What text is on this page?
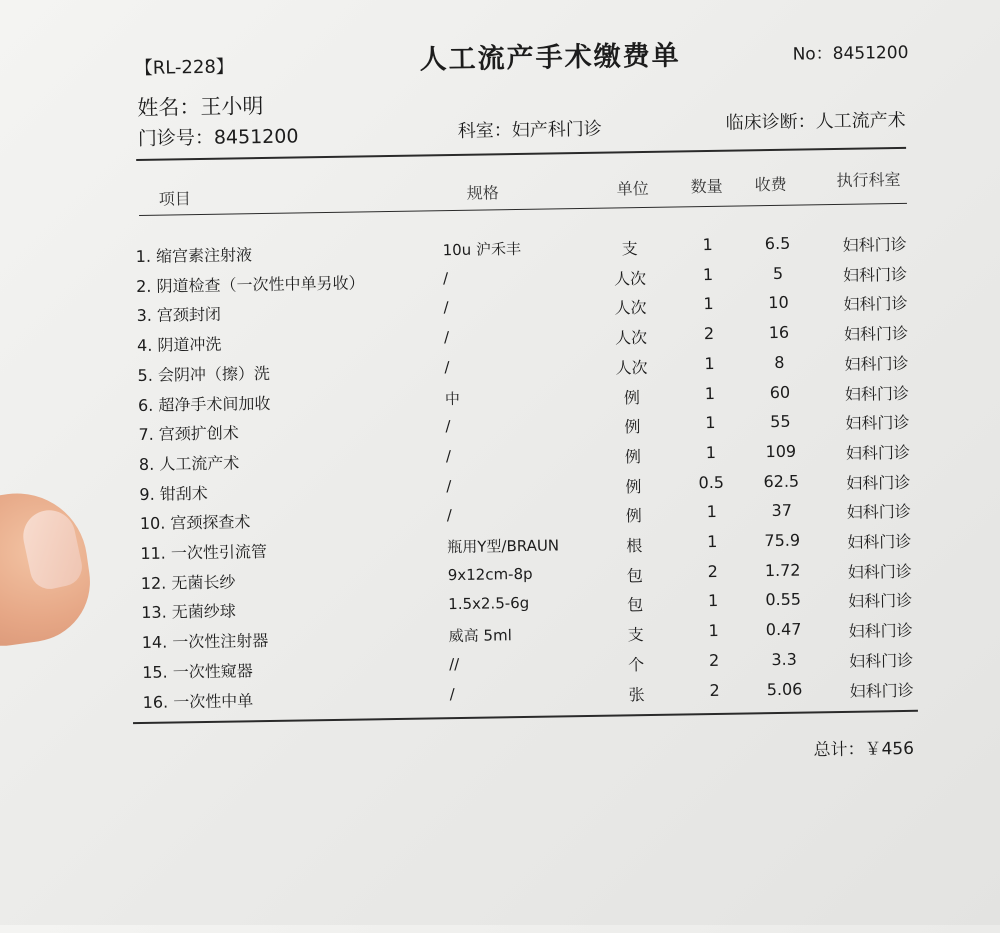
【RL-228】	人工流产手术缴费单	No：8451200
姓名：王小明
门诊号：8451200	科室：妇产科门诊	临床诊断：人工流产术
项目	规格	单位	数量 收费	执行科室
1. 缩宫素注射液	10u 沪禾丰	支	1	6.5	妇科门诊
2. 阴道检查（一次性中单另收）	/	人次	1	5	妇科门诊
3. 宫颈封闭	/	人次	1	10	妇科门诊
4. 阴道冲洗	/	人次	2	16	妇科门诊
5. 会阴冲（擦）洗	/	人次	1	8	妇科门诊
6. 超净手术间加收	中	例	1	60	妇科门诊
7. 宫颈扩创术	/	例	1	55	妇科门诊
8. 人工流产术	/	例	1	109	妇科门诊
9. 钳刮术	/	例	0.5	62.5	妇科门诊
10. 宫颈探查术	/	例	1	37	妇科门诊
11. 一次性引流管	瓶用Y型/BRAUN	根	1	75.9	妇科门诊
12. 无菌长纱	9x12cm-8p	包	2	1.72	妇科门诊
13. 无菌纱球	1.5x2.5-6g	包	1	0.55	妇科门诊
14. 一次性注射器	威高 5ml	支	1	0.47	妇科门诊
15. 一次性窥器	//	个	2	3.3	妇科门诊
16. 一次性中单	/	张	2	5.06	妇科门诊
总计：￥456
